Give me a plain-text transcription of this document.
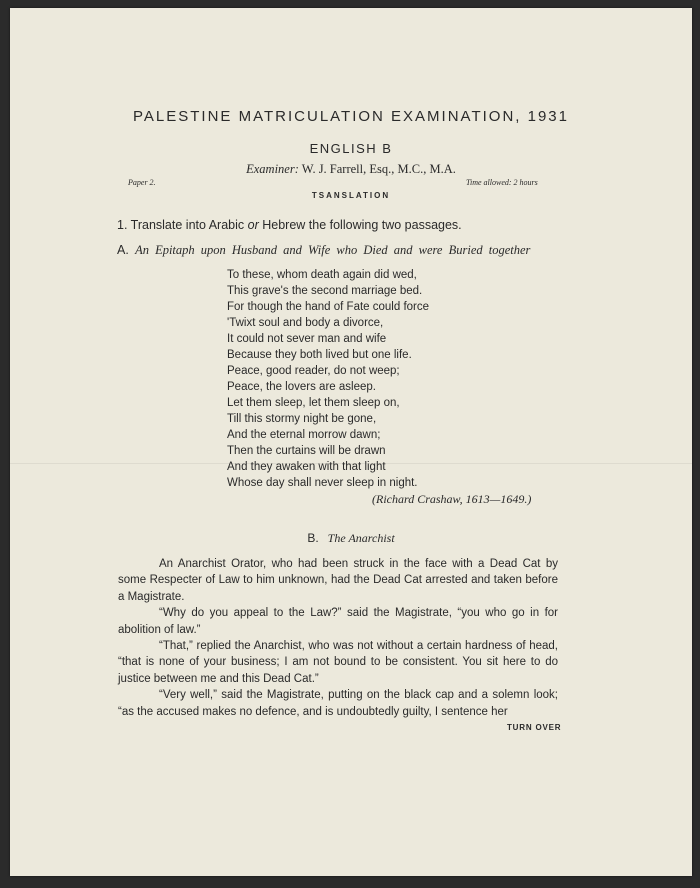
PALESTINE MATRICULATION EXAMINATION, 1931
ENGLISH B
Examiner: W. J. Farrell, Esq., M.C., M.A.
Paper 2.	Time allowed: 2 hours
TSANSLATION
1. Translate into Arabic or Hebrew the following two passages.
A. An Epitaph upon Husband and Wife who Died and were Buried together
To these, whom death again did wed,
This grave's the second marriage bed.
For though the hand of Fate could force
'Twixt soul and body a divorce,
It could not sever man and wife
Because they both lived but one life.
Peace, good reader, do not weep;
Peace, the lovers are asleep.
Let them sleep, let them sleep on,
Till this stormy night be gone,
And the eternal morrow dawn;
Then the curtains will be drawn
And they awaken with that light
Whose day shall never sleep in night.
(Richard Crashaw, 1613—1649.)
B. The Anarchist

An Anarchist Orator, who had been struck in the face with a Dead Cat by some Respecter of Law to him unknown, had the Dead Cat arrested and taken before a Magistrate.

“Why do you appeal to the Law?” said the Magistrate, “you who go in for abolition of law.”

“That,” replied the Anarchist, who was not without a certain hardness of head, “that is none of your business; I am not bound to be consistent. You sit here to do justice between me and this Dead Cat.”

“Very well,” said the Magistrate, putting on the black cap and a solemn look; “as the accused makes no defence, and is undoubtedly guilty, I sentence her

TURN OVER
